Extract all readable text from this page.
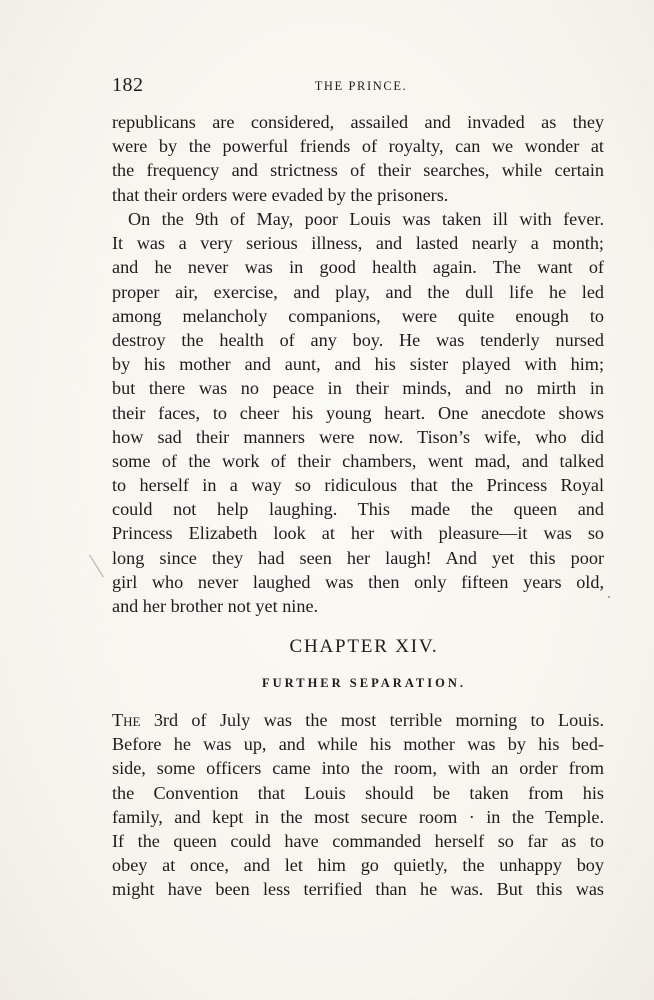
182	THE PRINCE.
republicans are considered, assailed and invaded as they
were by the powerful friends of royalty, can we wonder at
the frequency and strictness of their searches, while certain
that their orders were evaded by the prisoners.
On the 9th of May, poor Louis was taken ill with fever.
It was a very serious illness, and lasted nearly a month;
and he never was in good health again. The want of
proper air, exercise, and play, and the dull life he led
among melancholy companions, were quite enough to
destroy the health of any boy. He was tenderly nursed
by his mother and aunt, and his sister played with him;
but there was no peace in their minds, and no mirth in
their faces, to cheer his young heart. One anecdote shows
how sad their manners were now. Tison’s wife, who did
some of the work of their chambers, went mad, and talked
to herself in a way so ridiculous that the Princess Royal
could not help laughing. This made the queen and
Princess Elizabeth look at her with pleasure—it was so
long since they had seen her laugh! And yet this poor
girl who never laughed was then only fifteen years old,
and her brother not yet nine.
CHAPTER XIV.
FURTHER SEPARATION.
The 3rd of July was the most terrible morning to Louis.
Before he was up, and while his mother was by his bed-
side, some officers came into the room, with an order from
the Convention that Louis should be taken from his
family, and kept in the most secure room · in the Temple.
If the queen could have commanded herself so far as to
obey at once, and let him go quietly, the unhappy boy
might have been less terrified than he was. But this was
